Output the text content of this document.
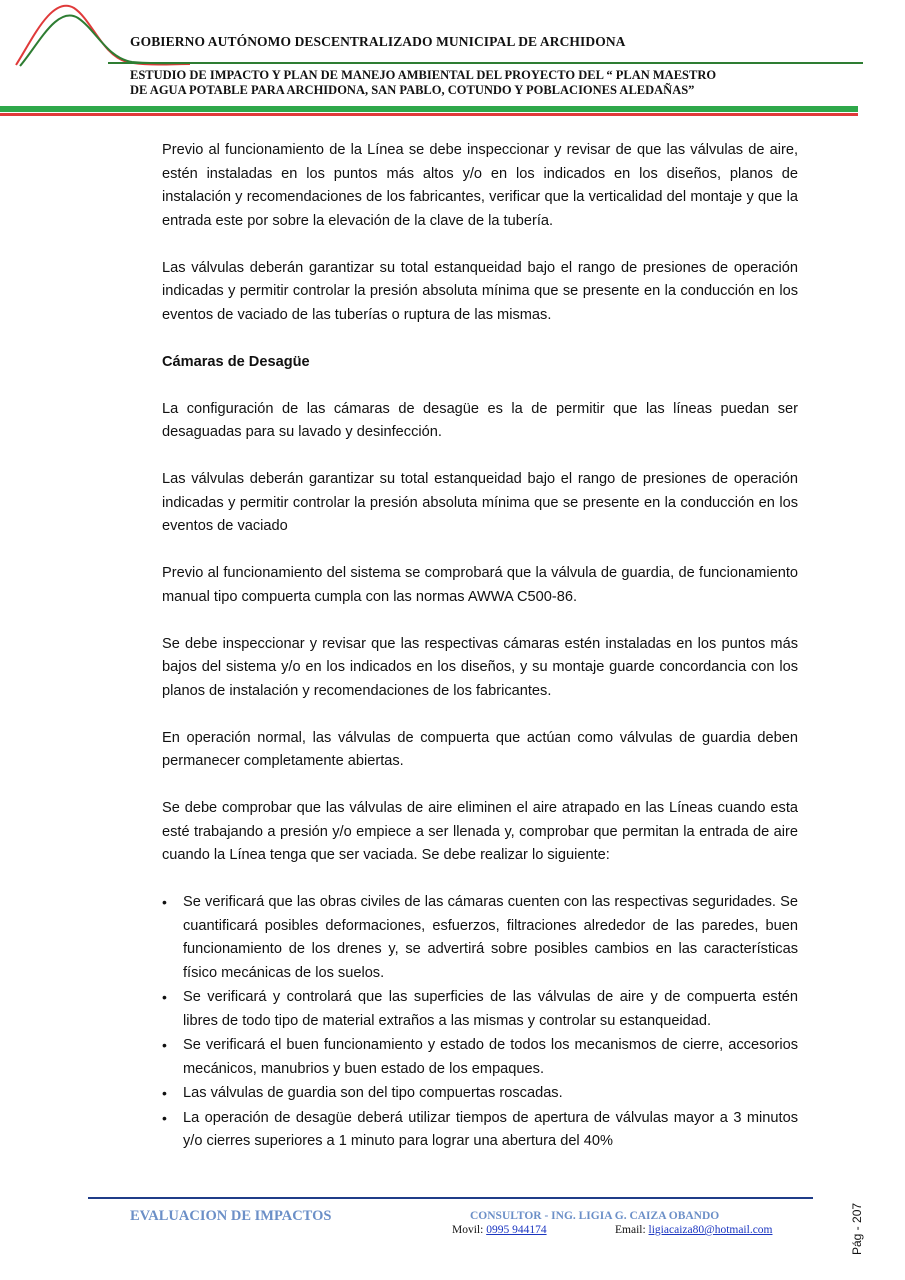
GOBIERNO AUTÓNOMO DESCENTRALIZADO MUNICIPAL DE ARCHIDONA
ESTUDIO DE IMPACTO Y PLAN DE MANEJO AMBIENTAL DEL PROYECTO DEL “ PLAN MAESTRO
DE AGUA POTABLE PARA ARCHIDONA, SAN PABLO, COTUNDO Y POBLACIONES ALEDAÑAS”

Previo al funcionamiento de la Línea se debe inspeccionar y revisar de que las válvulas de aire, estén instaladas en los puntos más altos y/o en los indicados en los diseños, planos de instalación y recomendaciones de los fabricantes, verificar que la verticalidad del montaje y que la entrada este por sobre la elevación de la clave de la tubería.

Las válvulas deberán garantizar su total estanqueidad bajo el rango de presiones de operación indicadas y permitir controlar la presión absoluta mínima que se presente en la conducción en los eventos de vaciado de las tuberías o ruptura de las mismas.

Cámaras de Desagüe

La configuración de las cámaras de desagüe es la de permitir que las líneas puedan ser desaguadas para su lavado y desinfección.

Las válvulas deberán garantizar su total estanqueidad bajo el rango de presiones de operación indicadas y permitir controlar la presión absoluta mínima que se presente en la conducción en los eventos de vaciado

Previo al funcionamiento del sistema se comprobará que la válvula de guardia, de funcionamiento manual tipo compuerta cumpla con las normas AWWA C500-86.

Se debe inspeccionar y revisar que las respectivas cámaras estén instaladas en los puntos más bajos del sistema y/o en los indicados en los diseños, y su montaje guarde concordancia con los planos de instalación y recomendaciones de los fabricantes.

En operación normal, las válvulas de compuerta que actúan como válvulas de guardia deben permanecer completamente abiertas.

Se debe comprobar que las válvulas de aire eliminen el aire atrapado en las Líneas cuando esta esté trabajando a presión y/o empiece a ser llenada y, comprobar que permitan la entrada de aire cuando la Línea tenga que ser vaciada. Se debe realizar lo siguiente:

• Se verificará que las obras civiles de las cámaras cuenten con las respectivas seguridades. Se cuantificará posibles deformaciones, esfuerzos, filtraciones alrededor de las paredes, buen funcionamiento de los drenes y, se advertirá sobre posibles cambios en las características físico mecánicas de los suelos.
• Se verificará y controlará que las superficies de las válvulas de aire y de compuerta estén libres de todo tipo de material extraños a las mismas y controlar su estanqueidad.
• Se verificará el buen funcionamiento y estado de todos los mecanismos de cierre, accesorios mecánicos, manubrios y buen estado de los empaques.
• Las válvulas de guardia son del tipo compuertas roscadas.
• La operación de desagüe deberá utilizar tiempos de apertura de válvulas mayor a 3 minutos y/o cierres superiores a 1 minuto para lograr una abertura del 40%
EVALUACION DE IMPACTOS	CONSULTOR - ING. LIGIA G. CAIZA OBANDO
Movil: 0995 944174	Email: ligiacaiza80@hotmail.com	Pág - 207
